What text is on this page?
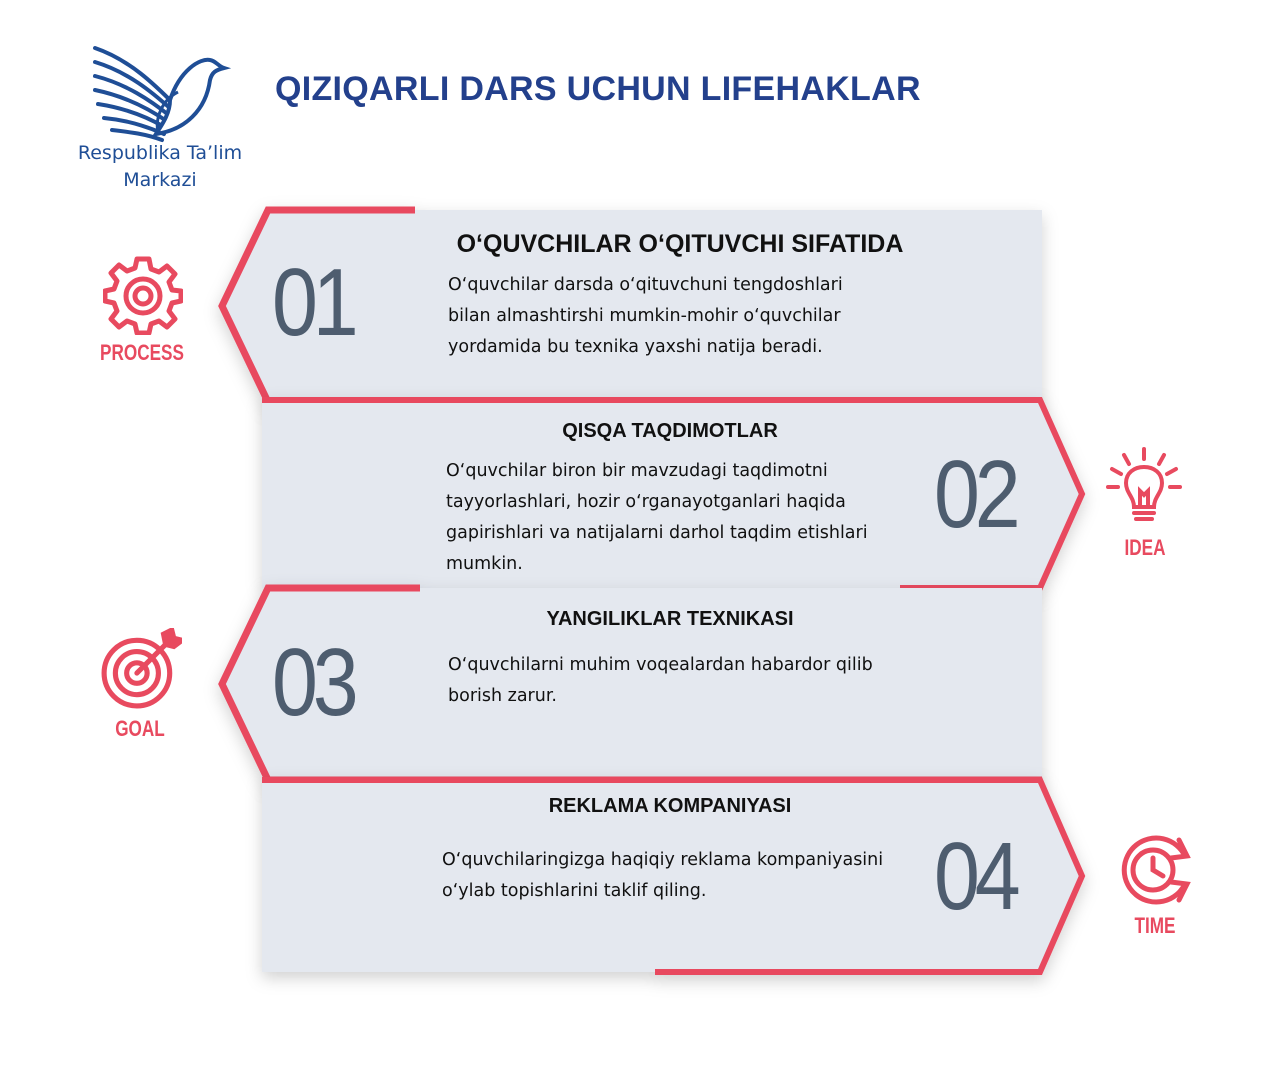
Respublika Ta’lim
Markazi
QIZIQARLI DARS UCHUN LIFEHAKLAR
01
O‘QUVCHILAR O‘QITUVCHI SIFATIDA
O‘quvchilar darsda o‘qituvchuni tengdoshlari
bilan almashtirshi mumkin-mohir o‘quvchilar
yordamida bu texnika yaxshi natija beradi.
QISQA TAQDIMOTLAR
O‘quvchilar biron bir mavzudagi taqdimotni
tayyorlashlari, hozir o‘rganayotganlari haqida
gapirishlari va natijalarni darhol taqdim etishlari
mumkin.
02
03
YANGILIKLAR TEXNIKASI
O‘quvchilarni muhim voqealardan habardor qilib
borish zarur.
REKLAMA KOMPANIYASI
O‘quvchilaringizga haqiqiy reklama kompaniyasini
o‘ylab topishlarini taklif qiling.	04
PROCESS
IDEA
GOAL
TIME
